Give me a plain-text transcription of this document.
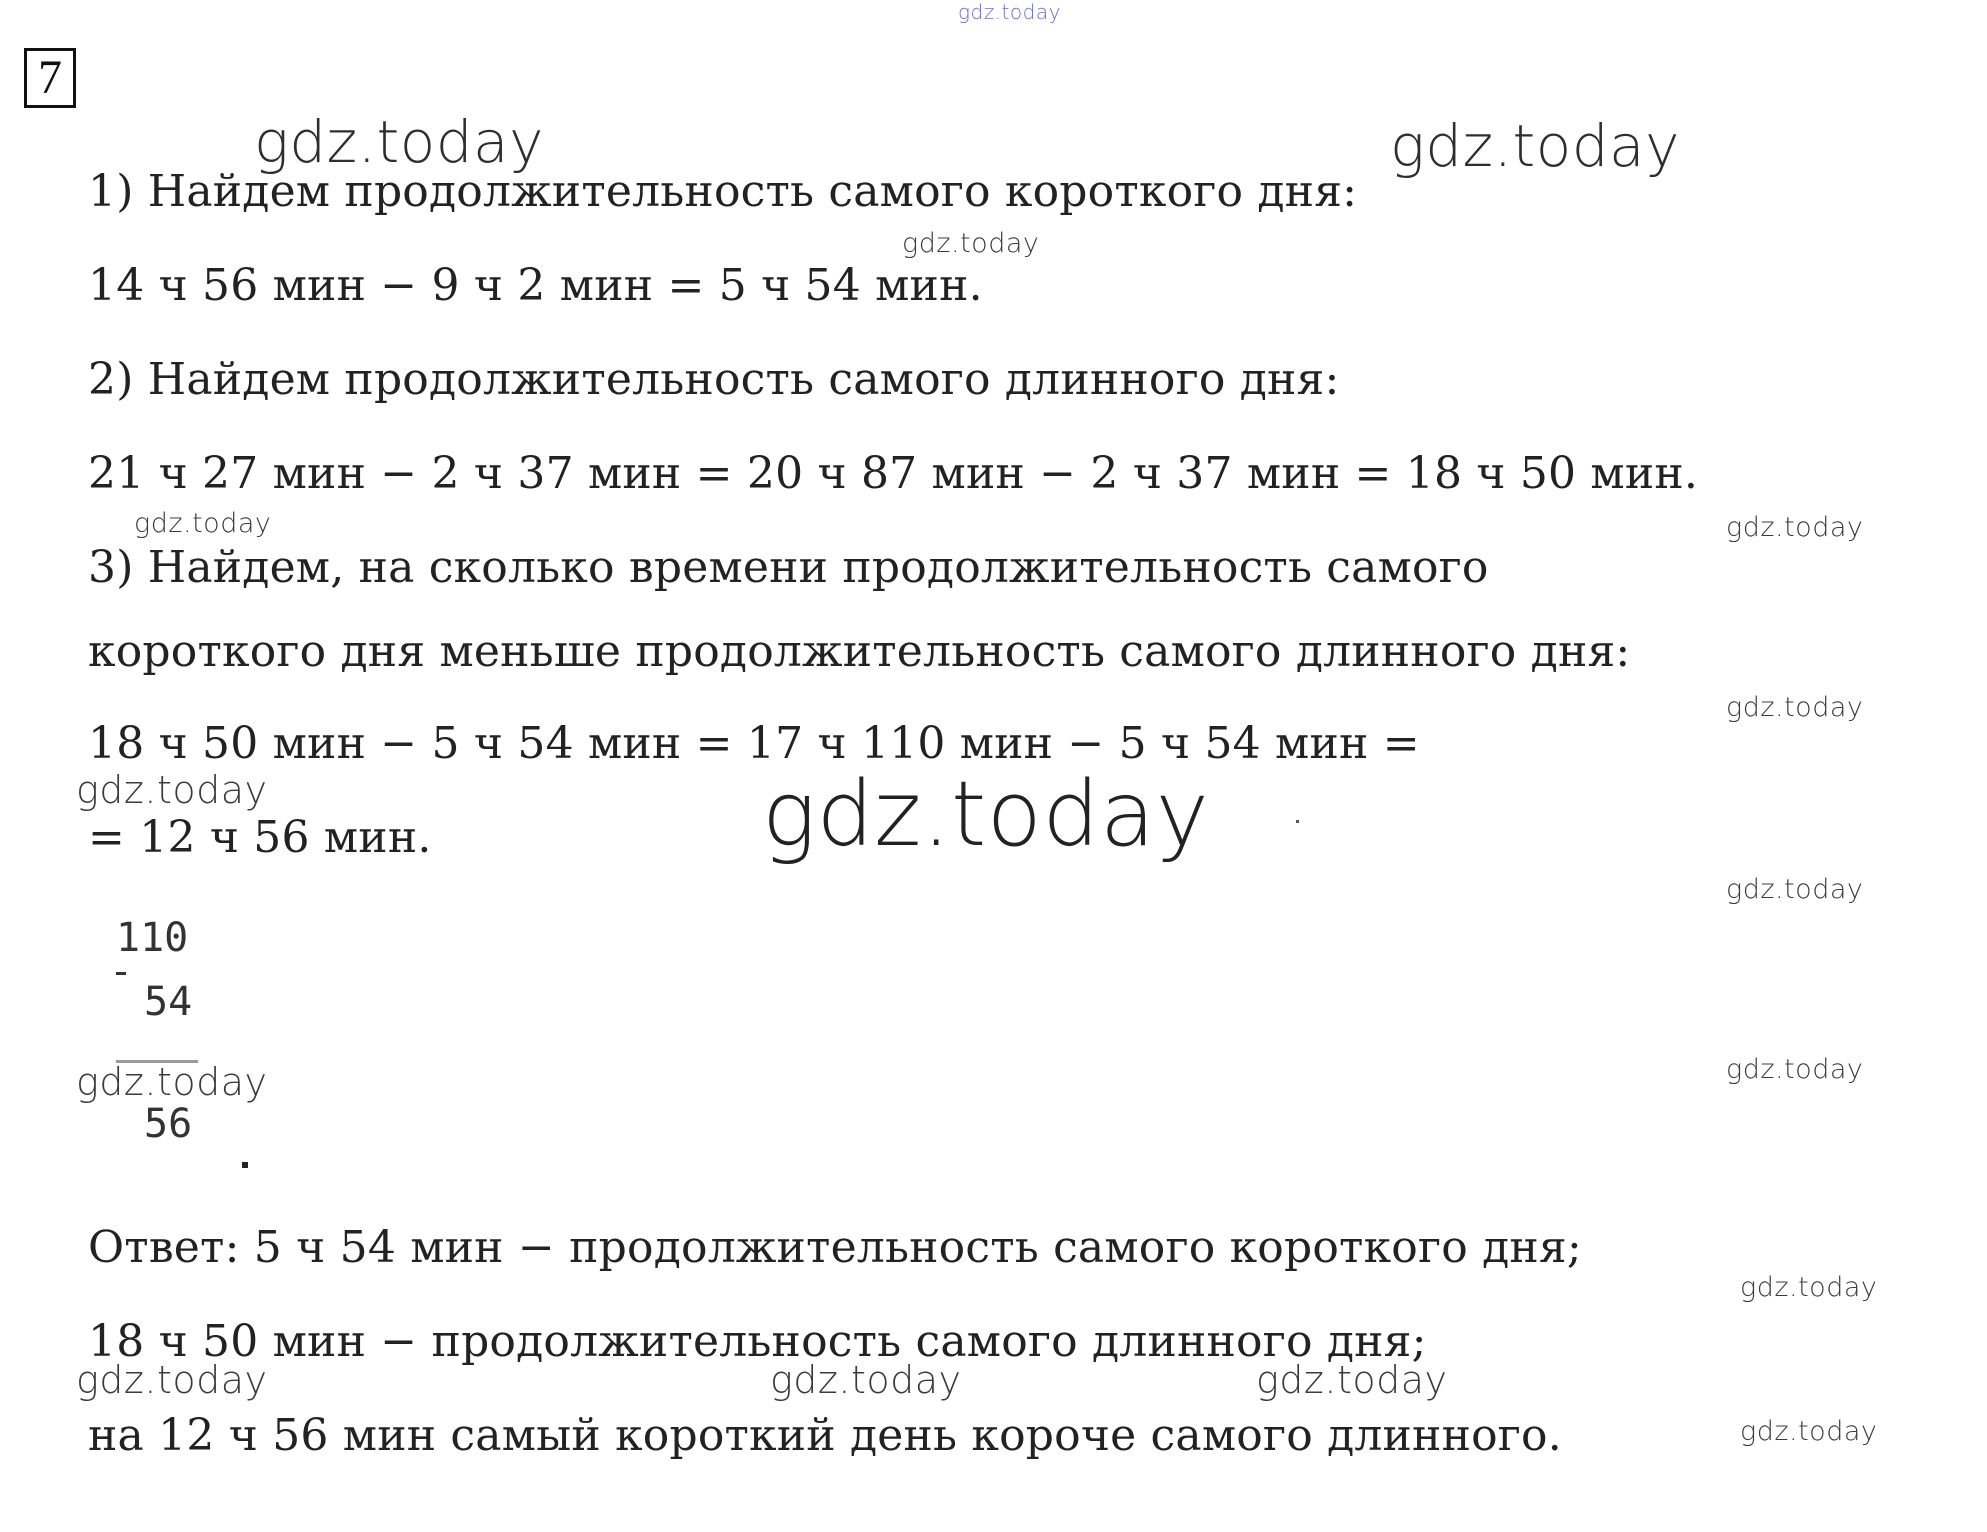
7

1) Найдем продолжительность самого короткого дня:

14 ч 56 мин − 9 ч 2 мин = 5 ч 54 мин.

2) Найдем продолжительность самого длинного дня:

21 ч 27 мин − 2 ч 37 мин = 20 ч 87 мин − 2 ч 37 мин = 18 ч 50 мин.

3) Найдем, на сколько времени продолжительность самого

короткого дня меньше продолжительность самого длинного дня:

18 ч 50 мин − 5 ч 54 мин = 17 ч 110 мин − 5 ч 54 мин =

= 12 ч 56 мин.

110
54
56

Ответ: 5 ч 54 мин − продолжительность самого короткого дня;

18 ч 50 мин − продолжительность самого длинного дня;

на 12 ч 56 мин самый короткий день короче самого длинного.

gdz.today
gdz.today	gdz.today
gdz.today
gdz.today	gdz.today
gdz.today
gdz.today	gdz.today
gdz.today
gdz.today	gdz.today
gdz.today
gdz.today	gdz.today	gdz.today
gdz.today
